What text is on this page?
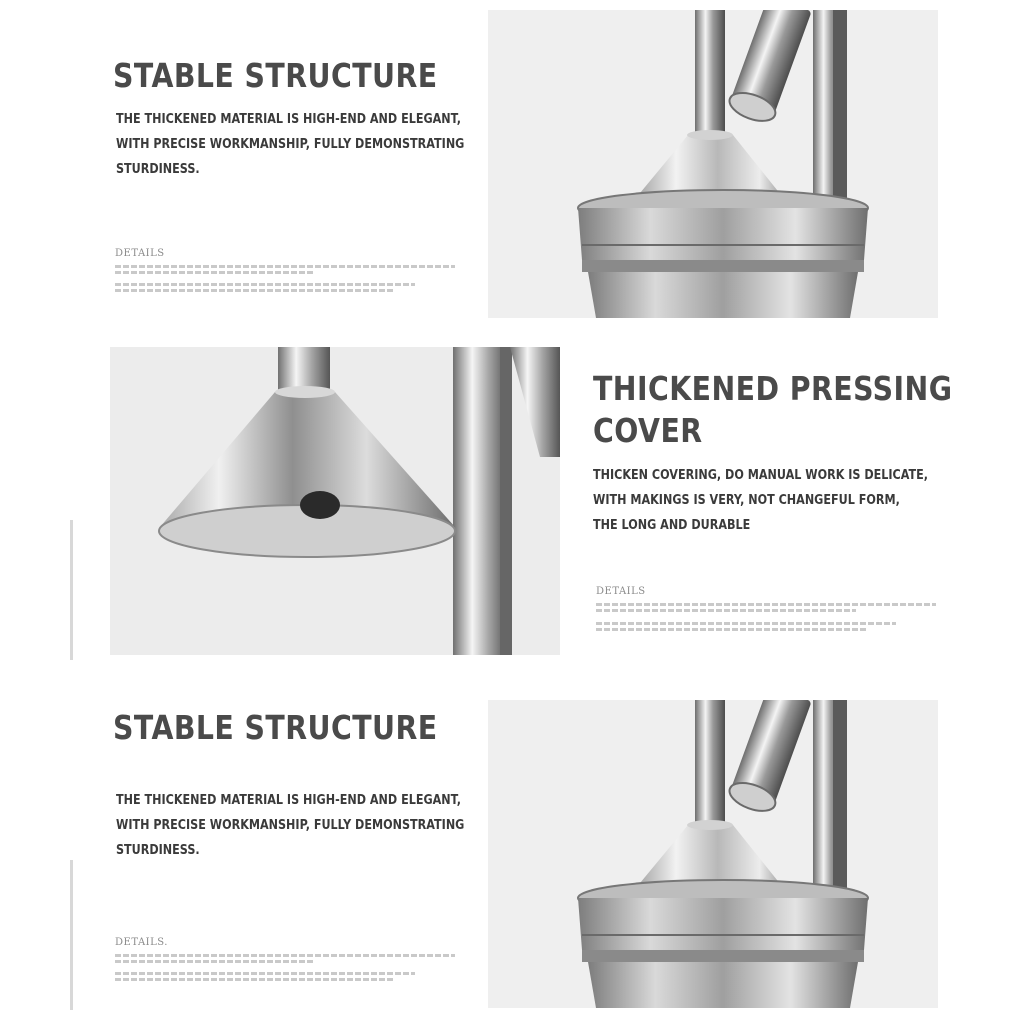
STABLE STRUCTURE
THE THICKENED MATERIAL IS HIGH-END AND ELEGANT,
WITH PRECISE WORKMANSHIP, FULLY DEMONSTRATING
STURDINESS.
DETAILS
THICKENED PRESSING
COVER
THICKEN COVERING, DO MANUAL WORK IS DELICATE,
WITH MAKINGS IS VERY, NOT CHANGEFUL FORM,
THE LONG AND DURABLE
DETAILS
STABLE STRUCTURE
THE THICKENED MATERIAL IS HIGH-END AND ELEGANT,
WITH PRECISE WORKMANSHIP, FULLY DEMONSTRATING
STURDINESS.
DETAILS.
